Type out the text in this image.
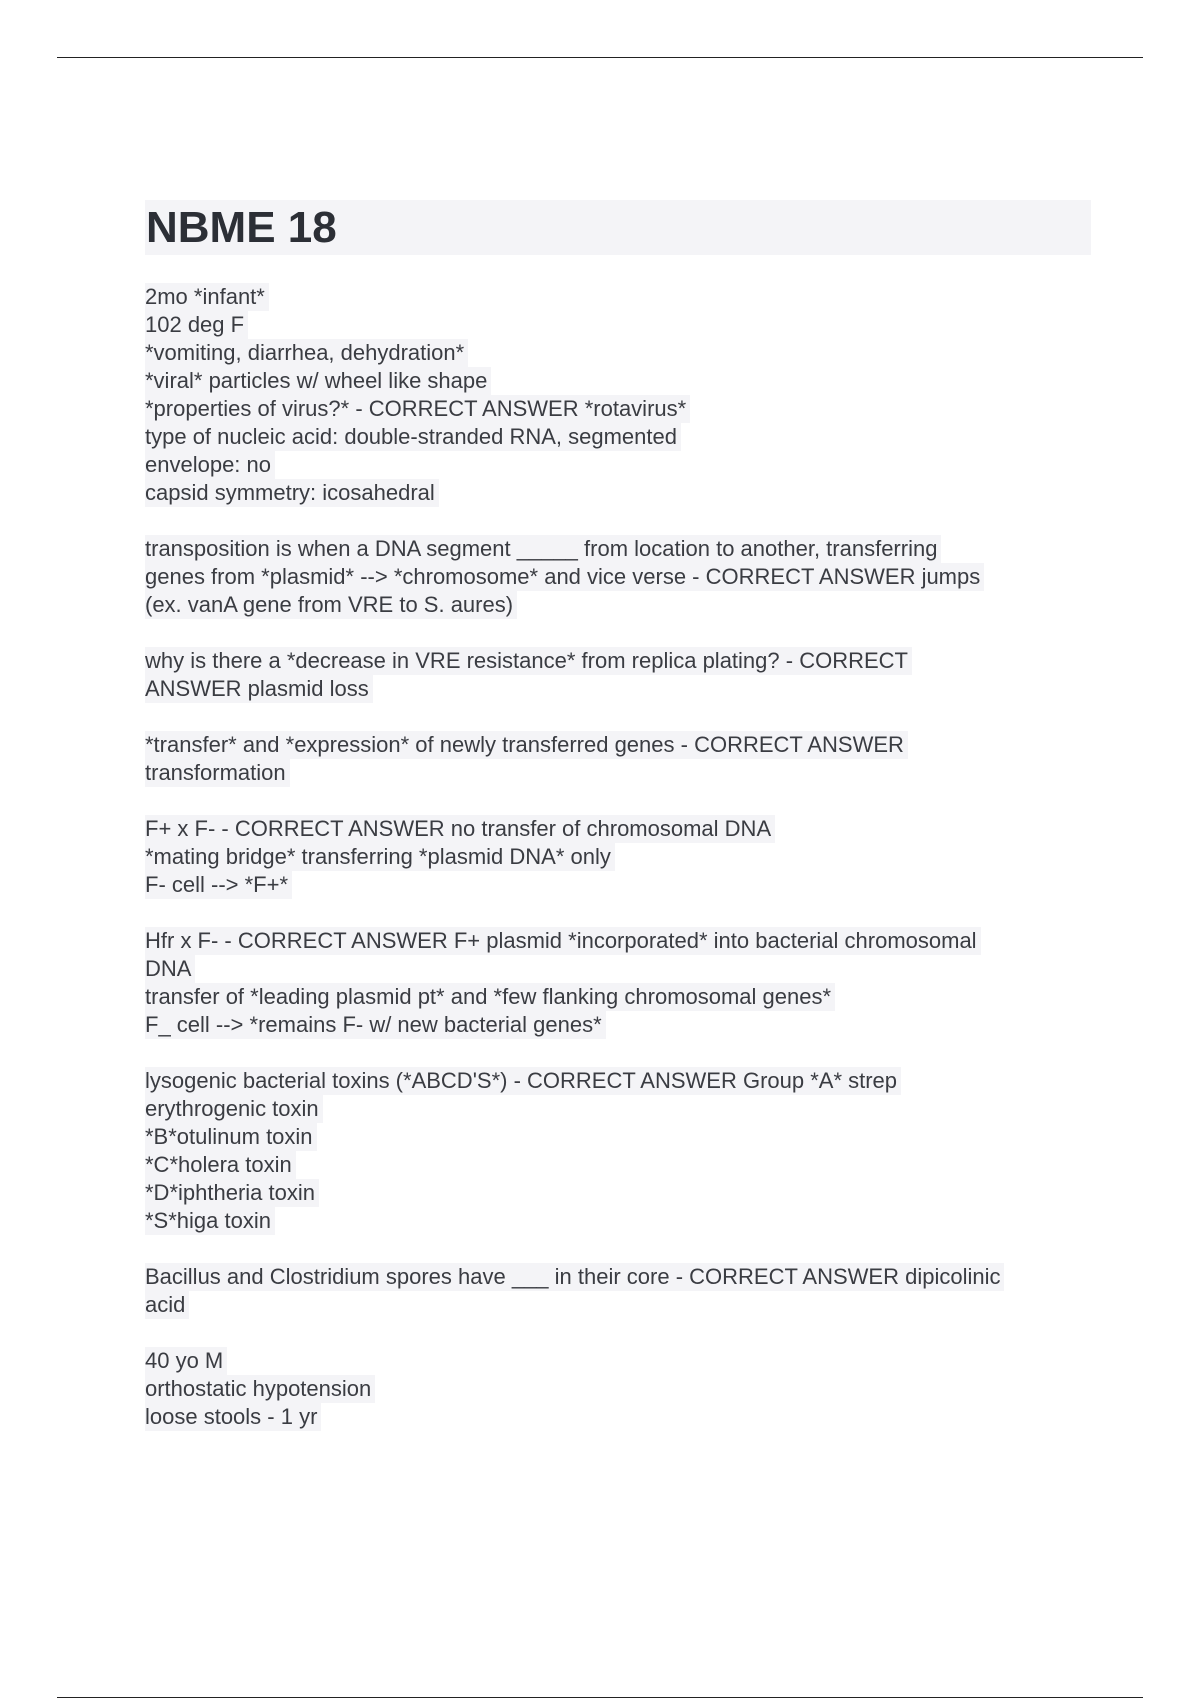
NBME 18
2mo *infant*
102 deg F
*vomiting, diarrhea, dehydration*
*viral* particles w/ wheel like shape
*properties of virus?* - CORRECT ANSWER *rotavirus*
type of nucleic acid: double-stranded RNA, segmented
envelope: no
capsid symmetry: icosahedral
transposition is when a DNA segment _____ from location to another, transferring
genes from *plasmid* --> *chromosome* and vice verse - CORRECT ANSWER jumps
(ex. vanA gene from VRE to S. aures)
why is there a *decrease in VRE resistance* from replica plating? - CORRECT
ANSWER plasmid loss
*transfer* and *expression* of newly transferred genes - CORRECT ANSWER
transformation
F+ x F- - CORRECT ANSWER no transfer of chromosomal DNA
*mating bridge* transferring *plasmid DNA* only
F- cell --> *F+*
Hfr x F- - CORRECT ANSWER F+ plasmid *incorporated* into bacterial chromosomal
DNA
transfer of *leading plasmid pt* and *few flanking chromosomal genes*
F_ cell --> *remains F- w/ new bacterial genes*
lysogenic bacterial toxins (*ABCD'S*) - CORRECT ANSWER Group *A* strep
erythrogenic toxin
*B*otulinum toxin
*C*holera toxin
*D*iphtheria toxin
*S*higa toxin
Bacillus and Clostridium spores have ___ in their core - CORRECT ANSWER dipicolinic
acid
40 yo M
orthostatic hypotension
loose stools - 1 yr
